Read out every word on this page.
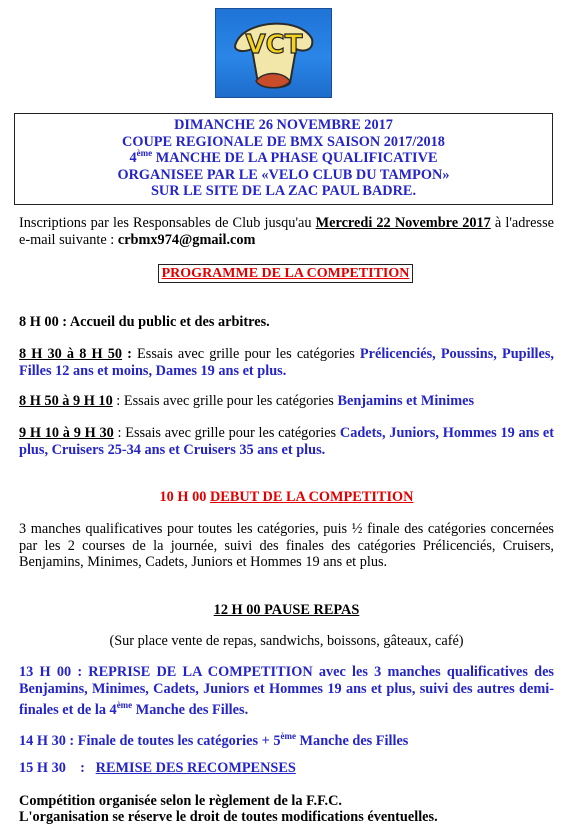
VCT
DIMANCHE 26 NOVEMBRE 2017
COUPE REGIONALE DE BMX SAISON 2017/2018
4ème MANCHE DE LA PHASE QUALIFICATIVE
ORGANISEE PAR LE «VELO CLUB DU TAMPON»
SUR LE SITE DE LA ZAC PAUL BADRE.

Inscriptions par les Responsables de Club jusqu'au Mercredi 22 Novembre 2017 à l'adresse e-mail suivante : crbmx974@gmail.com

PROGRAMME DE LA COMPETITION

8 H 00 : Accueil du public et des arbitres.

8 H 30 à 8 H 50 : Essais avec grille pour les catégories Prélicenciés, Poussins, Pupilles, Filles 12 ans et moins, Dames 19 ans et plus.

8 H 50 à 9 H 10 : Essais avec grille pour les catégories Benjamins et Minimes

9 H 10 à 9 H 30 : Essais avec grille pour les catégories Cadets, Juniors, Hommes 19 ans et plus, Cruisers 25-34 ans et Cruisers 35 ans et plus.

10 H 00 DEBUT DE LA COMPETITION

3 manches qualificatives pour toutes les catégories, puis ½ finale des catégories concernées par les 2 courses de la journée, suivi des finales des catégories Prélicenciés, Cruisers, Benjamins, Minimes, Cadets, Juniors et Hommes 19 ans et plus.

12 H 00 PAUSE REPAS

(Sur place vente de repas, sandwichs, boissons, gâteaux, café)

13 H 00 : REPRISE DE LA COMPETITION avec les 3 manches qualificatives des Benjamins, Minimes, Cadets, Juniors et Hommes 19 ans et plus, suivi des autres demi-finales et de la 4ème Manche des Filles.

14 H 30 : Finale de toutes les catégories + 5ème Manche des Filles

15 H 30    :   REMISE DES RECOMPENSES

Compétition organisée selon le règlement de la F.F.C.

L'organisation se réserve le droit de toutes modifications éventuelles.
